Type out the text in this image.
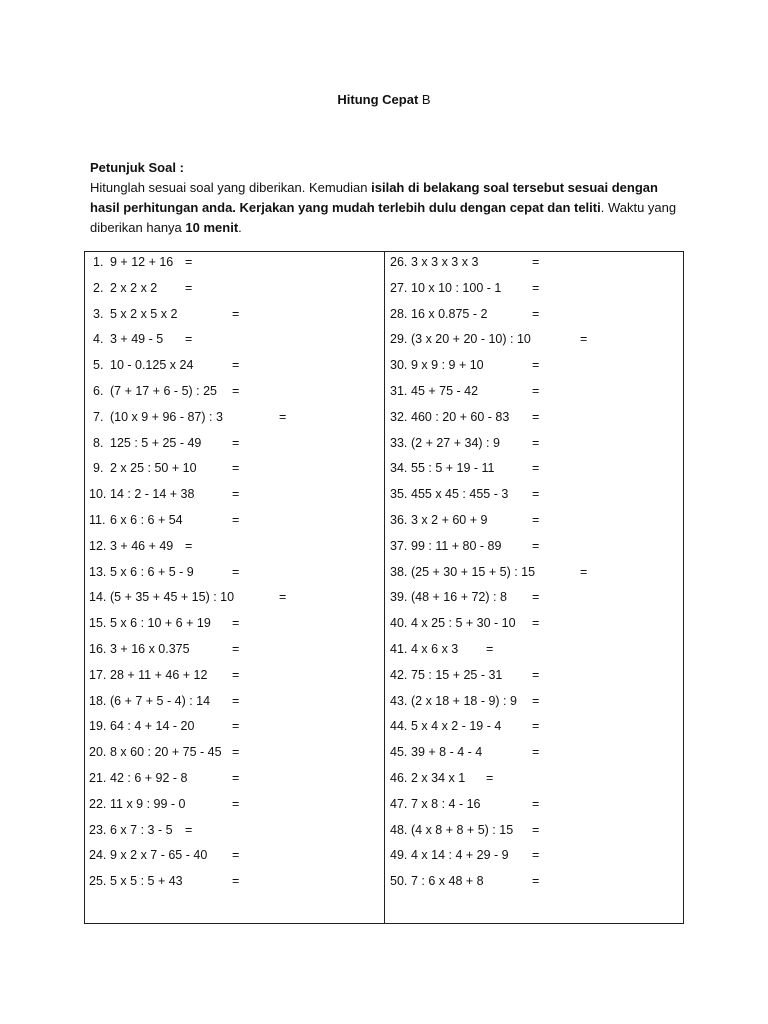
Hitung Cepat B
Petunjuk Soal :
Hitunglah sesuai soal yang diberikan. Kemudian isilah di belakang soal tersebut sesuai dengan hasil perhitungan anda. Kerjakan yang mudah terlebih dulu dengan cepat dan teliti. Waktu yang diberikan hanya 10 menit.
1. 9 + 12 + 16 =
2. 2 x 2 x 2 =
3. 5 x 2 x 5 x 2	=
4. 3 + 49 - 5 =
5. 10 - 0.125 x 24	=
6. (7 + 17 + 6 - 5) : 25 =
7. (10 x 9 + 96 - 87) : 3	=
8. 125 : 5 + 25 - 49 =
9. 2 x 25 : 50 + 10	=
10. 14 : 2 - 14 + 38	=
11. 6 x 6 : 6 + 54	=
12. 3 + 46 + 49 =
13. 5 x 6 : 6 + 5 - 9	=
14. (5 + 35 + 45 + 15) : 10	=
15. 5 x 6 : 10 + 6 + 19 =
16. 3 + 16 x 0.375	=
17. 28 + 11 + 46 + 12 =
18. (6 + 7 + 5 - 4) : 14 =
19. 64 : 4 + 14 - 20	=
20. 8 x 60 : 20 + 75 - 45 =
21. 42 : 6 + 92 - 8	=
22. 11 x 9 : 99 - 0	=
23. 6 x 7 : 3 - 5 =
24. 9 x 2 x 7 - 65 - 40 =
25. 5 x 5 : 5 + 43	=
26. 3 x 3 x 3 x 3	=
27. 10 x 10 : 100 - 1 =
28. 16 x 0.875 - 2	=
29. (3 x 20 + 20 - 10) : 10	=
30. 9 x 9 : 9 + 10	=
31. 45 + 75 - 42	=
32. 460 : 20 + 60 - 83 =
33. (2 + 27 + 34) : 9	=
34. 55 : 5 + 19 - 11	=
35. 455 x 45 : 455 - 3 =
36. 3 x 2 + 60 + 9	=
37. 99 : 11 + 80 - 89 =
38. (25 + 30 + 15 + 5) : 15	=
39. (48 + 16 + 72) : 8 =
40. 4 x 25 : 5 + 30 - 10 =
41. 4 x 6 x 3 =
42. 75 : 15 + 25 - 31 =
43. (2 x 18 + 18 - 9) : 9 =
44. 5 x 4 x 2 - 19 - 4 =
45. 39 + 8 - 4 - 4	=
46. 2 x 34 x 1 =
47. 7 x 8 : 4 - 16	=
48. (4 x 8 + 8 + 5) : 15 =
49. 4 x 14 : 4 + 29 - 9 =
50. 7 : 6 x 48 + 8	=
